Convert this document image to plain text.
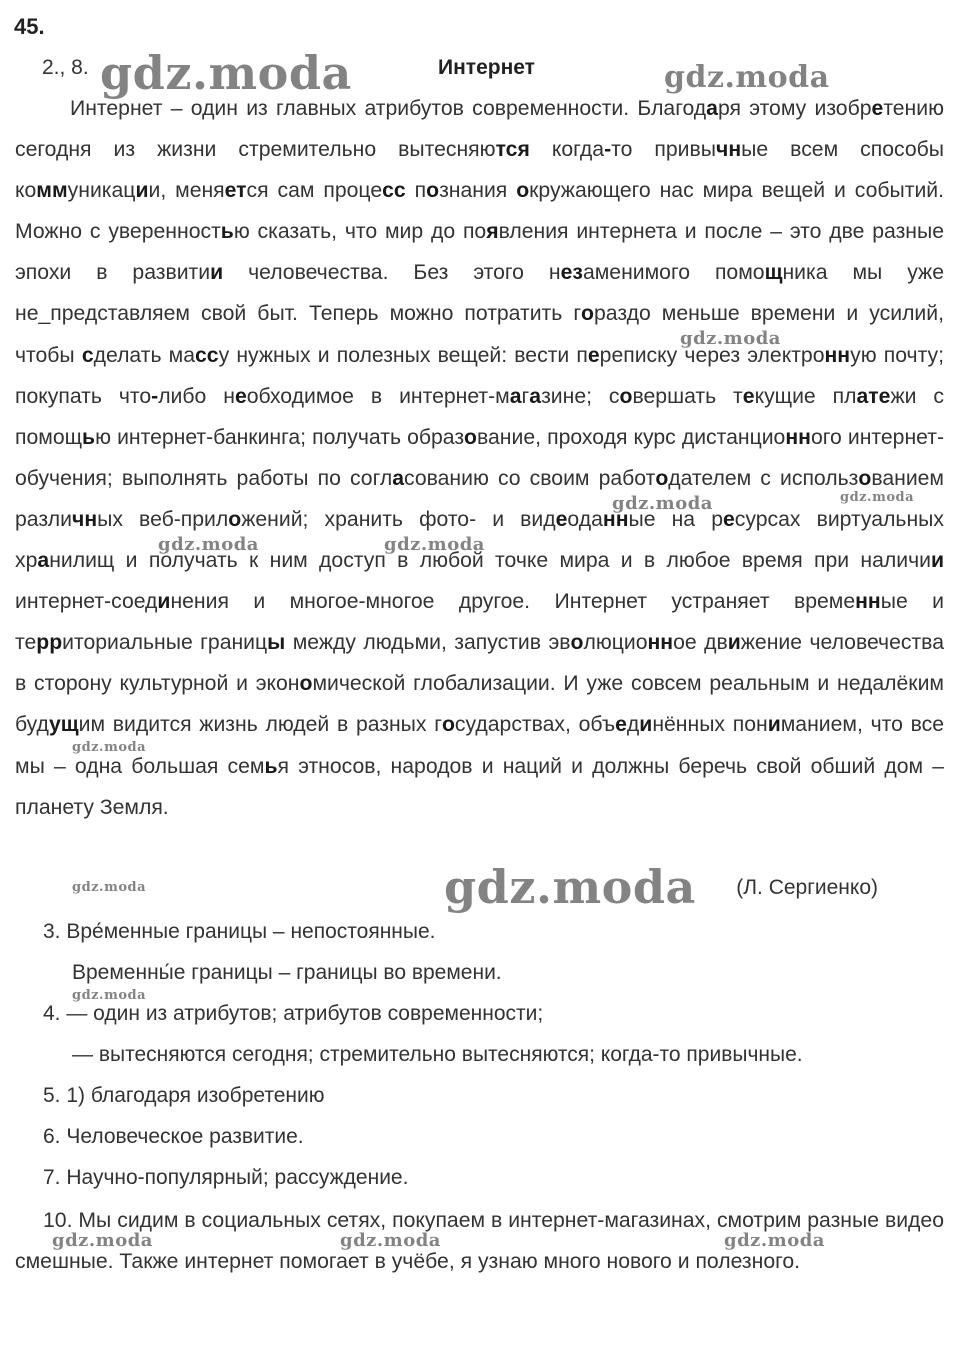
45.
2., 8.	Интернет
Интернет – один из главных атрибутов современности. Благодаря этому изобретению сегодня из жизни стремительно вытесняются когда-то привычные всем способы коммуникации, меняется сам процесс познания окружающего нас мира вещей и событий. Можно с уверенностью сказать, что мир до появления интернета и после – это две разные эпохи в развитии человечества. Без этого незаменимого помощника мы уже не_представляем свой быт. Теперь можно потратить гораздо меньше времени и усилий, чтобы сделать массу нужных и полезных вещей: вести переписку через электронную почту; покупать что-либо необходимое в интернет-магазине; совершать текущие платежи с помощью интернет-банкинга; получать образование, проходя курс дистанционного интернет-обучения; выполнять работы по согласованию со своим работодателем с использованием различных веб-приложений; хранить фото- и видеоданные на ресурсах виртуальных хранилищ и получать к ним доступ в любой точке мира и в любое время при наличии интернет-соединения и многое-многое другое. Интернет устраняет временные и территориальные границы между людьми, запустив эволюционное движение человечества в сторону культурной и экономической глобализации. И уже совсем реальным и недалёким будущим видится жизнь людей в разных государствах, объединённых пониманием, что все мы – одна большая семья этносов, народов и наций и должны беречь свой обший дом – планету Земля.
(Л. Сергиенко)
3. Вре́менные границы – непостоянные.
Временны́е границы – границы во времени.
4. — один из атрибутов; атрибутов современности;
— вытесняются сегодня; стремительно вытесняются; когда-то привычные.
5. 1) благодаря изобретению
6. Человеческое развитие.
7. Научно-популярный; рассуждение.
10. Мы сидим в социальных сетях, покупаем в интернет-магазинах, смотрим разные видео смешные. Также интернет помогает в учёбе, я узнаю много нового и полезного.
gdz.moda	gdz.moda
gdz.moda
gdz.moda	gdz.moda
gdz.moda	gdz.moda
gdz.moda
gdz.moda	gdz.moda
gdz.moda
gdz.moda	gdz.moda	gdz.moda
